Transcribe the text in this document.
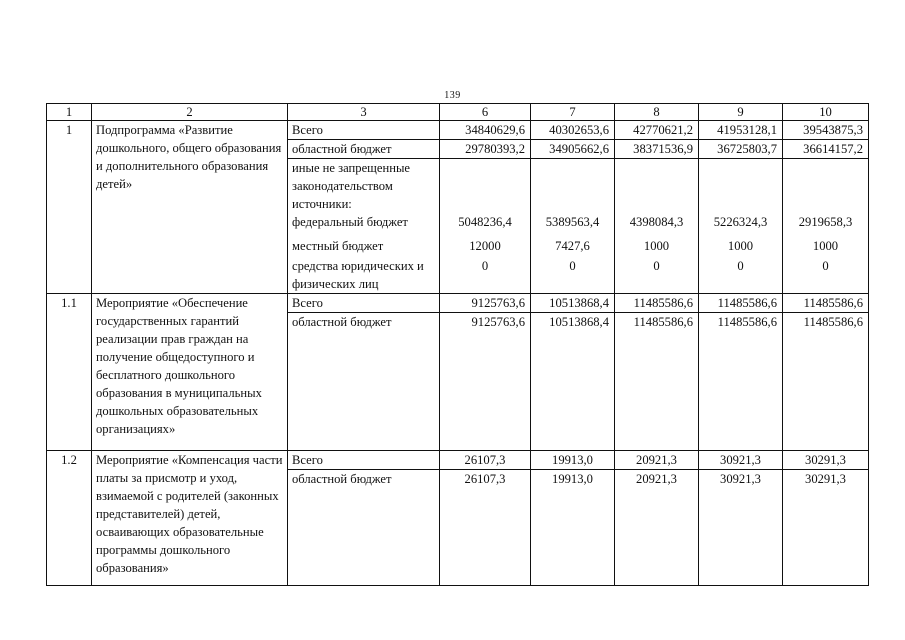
139
1	2	3	6	7	8	9	10
1	Подпрограмма «Развитие дошкольного, общего образования и дополнительного образования детей»	Всего	34840629,6	40302653,6	42770621,2	41953128,1	39543875,3
		областной бюджет	29780393,2	34905662,6	38371536,9	36725803,7	36614157,2
		иные не запрещенные законодательством источники:					
		федеральный бюджет	5048236,4	5389563,4	4398084,3	5226324,3	2919658,3
		местный бюджет	12000	7427,6	1000	1000	1000
		средства юридических и физических лиц	0	0	0	0	0
1.1	Мероприятие «Обеспечение государственных гарантий реализации прав граждан на получение общедоступного и бесплатного дошкольного образования в муниципальных дошкольных образовательных организациях»	Всего	9125763,6	10513868,4	11485586,6	11485586,6	11485586,6
		областной бюджет	9125763,6	10513868,4	11485586,6	11485586,6	11485586,6
1.2	Мероприятие «Компенсация части платы за присмотр и уход, взимаемой с родителей (законных представителей) детей, осваивающих образовательные программы дошкольного образования»	Всего	26107,3	19913,0	20921,3	30921,3	30291,3
		областной бюджет	26107,3	19913,0	20921,3	30921,3	30291,3
